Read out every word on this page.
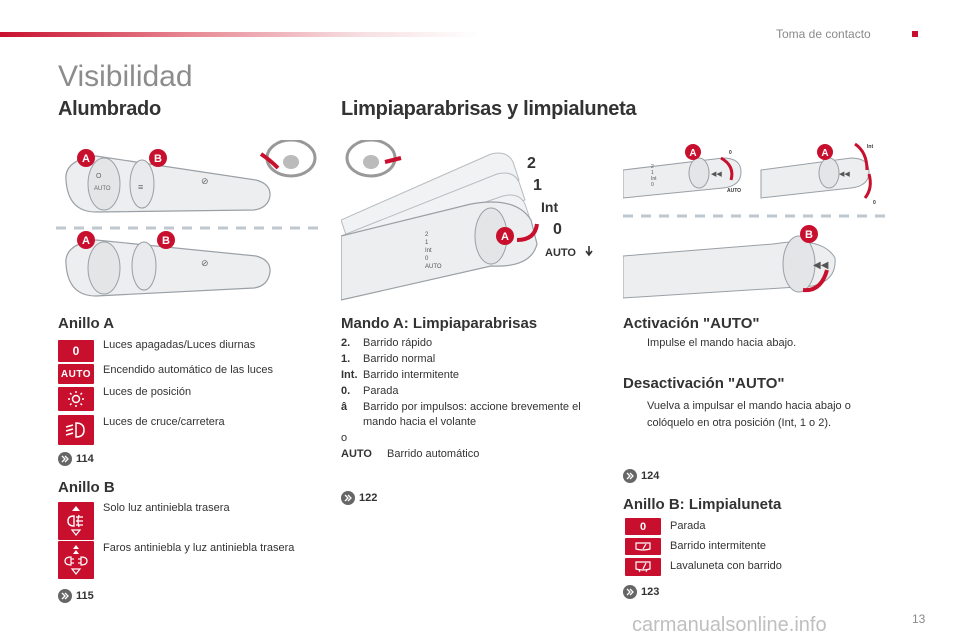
Toma de contacto
Visibilidad
Alumbrado	Limpiaparabrisas y limpialuneta
O
AUTO	≡
⊘
A	B
⊘
A	B
Anillo A
0 Luces apagadas/Luces diurnas
AUTO Encendido automático de las luces
Luces de posición
Luces de cruce/carretera
114
Anillo B
Solo luz antiniebla trasera
Faros antiniebla y luz antiniebla trasera
115
2
1
Int
0
AUTO
A
2
1
Int
0
AUTO
2
1
Int
0
◀◀
A	0
AUTO
◀◀
A
Int
0
◀◀
B
Mando A: Limpiaparabrisas
2.	Barrido rápido
1.	Barrido normal
Int. Barrido intermitente
0.	Parada
â	Barrido por impulsos: accione brevemente el mando hacia el volante
o
AUTO	Barrido automático
122
Activación "AUTO"
Impulse el mando hacia abajo.
Desactivación "AUTO"
Vuelva a impulsar el mando hacia abajo o colóquelo en otra posición (Int, 1 o 2).
124
Anillo B: Limpialuneta
0 Parada
Barrido intermitente
Lavaluneta con barrido
123
carmanualsonline.info	13
